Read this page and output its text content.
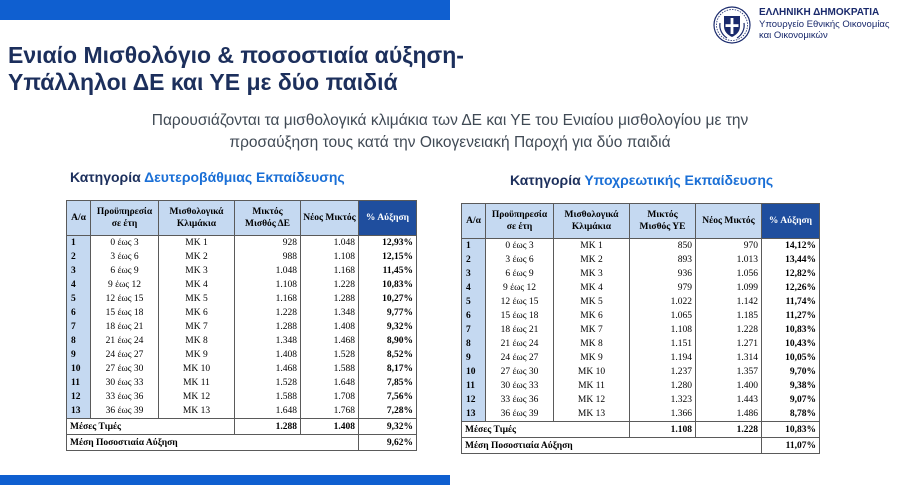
Ενιαίο Μισθολόγιο & ποσοστιαία αύξηση-
Υπάλληλοι ΔΕ και ΥΕ με δύο παιδιά
ΕΛΛΗΝΙΚΗ ΔΗΜΟΚΡΑΤΙΑ
Υπουργείο Εθνικής Οικονομίας
και Οικονομικών
Παρουσιάζονται τα μισθολογικά κλιμάκια των ΔΕ και ΥΕ του Ενιαίου μισθολογίου με την
προσαύξηση τους κατά την Οικογενειακή Παροχή για δύο παιδιά
Κατηγορία Δευτεροβάθμιας Εκπαίδευσης	Κατηγορία Υποχρεωτικής Εκπαίδευσης
Α/α	Προϋπηρεσία σε έτη	Μισθολογικά Κλιμάκια	Μικτός Μισθός ΔΕ	Νέος Μικτός	% Αύξηση
1	0 έως 3	ΜΚ 1	928	1.048	12,93%
2	3 έως 6	ΜΚ 2	988	1.108	12,15%
3	6 έως 9	ΜΚ 3	1.048	1.168	11,45%
4	9 έως 12	ΜΚ 4	1.108	1.228	10,83%
5	12 έως 15	ΜΚ 5	1.168	1.288	10,27%
6	15 έως 18	ΜΚ 6	1.228	1.348	9,77%
7	18 έως 21	ΜΚ 7	1.288	1.408	9,32%
8	21 έως 24	ΜΚ 8	1.348	1.468	8,90%
9	24 έως 27	ΜΚ 9	1.408	1.528	8,52%
10	27 έως 30	ΜΚ 10	1.468	1.588	8,17%
11	30 έως 33	ΜΚ 11	1.528	1.648	7,85%
12	33 έως 36	ΜΚ 12	1.588	1.708	7,56%
13	36 έως 39	ΜΚ 13	1.648	1.768	7,28%
Μέσες Τιμές			1.288	1.408	9,32%
Μέση Ποσοστιαία Αύξηση					9,62%
Α/α	Προϋπηρεσία σε έτη	Μισθολογικά Κλιμάκια	Μικτός Μισθός ΥΕ	Νέος Μικτός	% Αύξηση
1	0 έως 3	ΜΚ 1	850	970	14,12%
2	3 έως 6	ΜΚ 2	893	1.013	13,44%
3	6 έως 9	ΜΚ 3	936	1.056	12,82%
4	9 έως 12	ΜΚ 4	979	1.099	12,26%
5	12 έως 15	ΜΚ 5	1.022	1.142	11,74%
6	15 έως 18	ΜΚ 6	1.065	1.185	11,27%
7	18 έως 21	ΜΚ 7	1.108	1.228	10,83%
8	21 έως 24	ΜΚ 8	1.151	1.271	10,43%
9	24 έως 27	ΜΚ 9	1.194	1.314	10,05%
10	27 έως 30	ΜΚ 10	1.237	1.357	9,70%
11	30 έως 33	ΜΚ 11	1.280	1.400	9,38%
12	33 έως 36	ΜΚ 12	1.323	1.443	9,07%
13	36 έως 39	ΜΚ 13	1.366	1.486	8,78%
Μέσες Τιμές			1.108	1.228	10,83%
Μέση Ποσοστιαία Αύξηση					11,07%
